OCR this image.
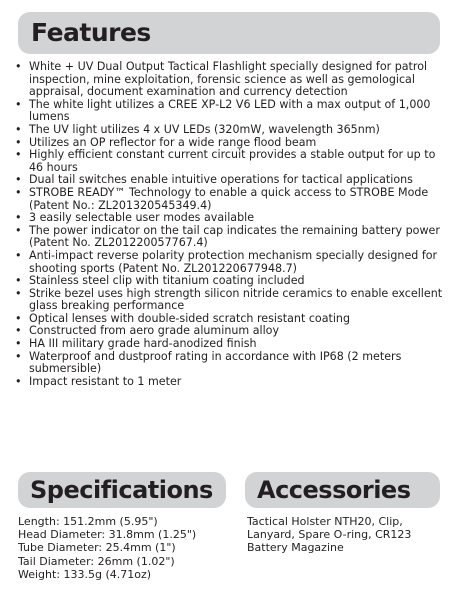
Features
• White + UV Dual Output Tactical Flashlight specially designed for patrol inspection, mine exploitation, forensic science as well as gemological appraisal, document examination and currency detection
• The white light utilizes a CREE XP-L2 V6 LED with a max output of 1,000 lumens
• The UV light utilizes 4 x UV LEDs (320mW, wavelength 365nm)
• Utilizes an OP reflector for a wide range flood beam
• Highly efficient constant current circuit provides a stable output for up to 46 hours
• Dual tail switches enable intuitive operations for tactical applications
• STROBE READY™ Technology to enable a quick access to STROBE Mode (Patent No.: ZL201320545349.4)
• 3 easily selectable user modes available
• The power indicator on the tail cap indicates the remaining battery power (Patent No. ZL201220057767.4)
• Anti-impact reverse polarity protection mechanism specially designed for shooting sports (Patent No. ZL201220677948.7)
• Stainless steel clip with titanium coating included
• Strike bezel uses high strength silicon nitride ceramics to enable excellent glass breaking performance
• Optical lenses with double-sided scratch resistant coating
• Constructed from aero grade aluminum alloy
• HA III military grade hard-anodized finish
• Waterproof and dustproof rating in accordance with IP68 (2 meters submersible)
• Impact resistant to 1 meter
Specifications
Length: 151.2mm (5.95")
Head Diameter: 31.8mm (1.25")
Tube Diameter: 25.4mm (1")
Tail Diameter: 26mm (1.02")
Weight: 133.5g (4.71oz)
Accessories

Tactical Holster NTH20, Clip, Lanyard, Spare O-ring, CR123 Battery Magazine
